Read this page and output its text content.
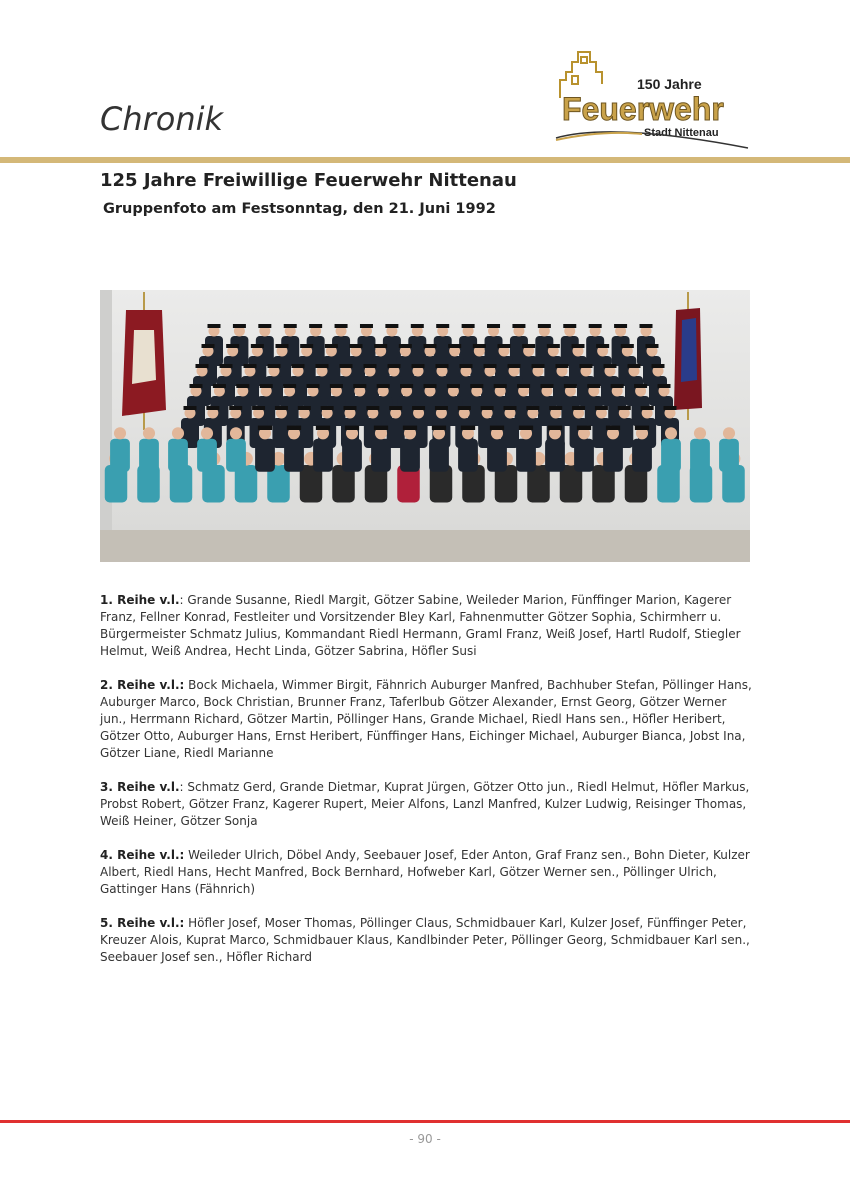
Chronik
150 Jahre
Feuerwehr
Stadt Nittenau
125 Jahre Freiwillige Feuerwehr Nittenau
Gruppenfoto am Festsonntag, den 21. Juni 1992

1. Reihe v.l.: Grande Susanne, Riedl Margit, Götzer Sabine, Weileder Marion, Fünffinger Marion, Kagerer Franz, Fellner Konrad, Festleiter und Vorsitzender Bley Karl, Fahnenmutter Götzer Sophia, Schirmherr u. Bürgermeister Schmatz Julius, Kommandant Riedl Hermann, Graml Franz, Weiß Josef, Hartl Rudolf, Stiegler Helmut, Weiß Andrea, Hecht Linda, Götzer Sabrina, Höfler Susi

2. Reihe v.l.: Bock Michaela, Wimmer Birgit, Fähnrich Auburger Manfred, Bachhuber Stefan, Pöllinger Hans, Auburger Marco, Bock Christian, Brunner Franz, Taferlbub Götzer Alexander, Ernst Georg, Götzer Werner jun., Herrmann Richard, Götzer Martin, Pöllinger Hans, Grande Michael, Riedl Hans sen., Höfler Heribert, Götzer Otto, Auburger Hans, Ernst Heribert, Fünffinger Hans, Eichinger Michael, Auburger Bianca, Jobst Ina, Götzer Liane, Riedl Marianne

3. Reihe v.l.: Schmatz Gerd, Grande Dietmar, Kuprat Jürgen, Götzer Otto jun., Riedl Helmut, Höfler Markus, Probst Robert, Götzer Franz, Kagerer Rupert, Meier Alfons, Lanzl Manfred, Kulzer Ludwig, Reisinger Thomas, Weiß Heiner, Götzer Sonja

4. Reihe v.l.: Weileder Ulrich, Döbel Andy, Seebauer Josef, Eder Anton, Graf Franz sen., Bohn Dieter, Kulzer Albert, Riedl Hans, Hecht Manfred, Bock Bernhard, Hofweber Karl, Götzer Werner sen., Pöllinger Ulrich, Gattinger Hans (Fähnrich)

5. Reihe v.l.: Höfler Josef, Moser Thomas, Pöllinger Claus, Schmidbauer Karl, Kulzer Josef, Fünffinger Peter, Kreuzer Alois, Kuprat Marco, Schmidbauer Klaus, Kandlbinder Peter, Pöllinger Georg, Schmidbauer Karl sen., Seebauer Josef sen., Höfler Richard

- 90 -
